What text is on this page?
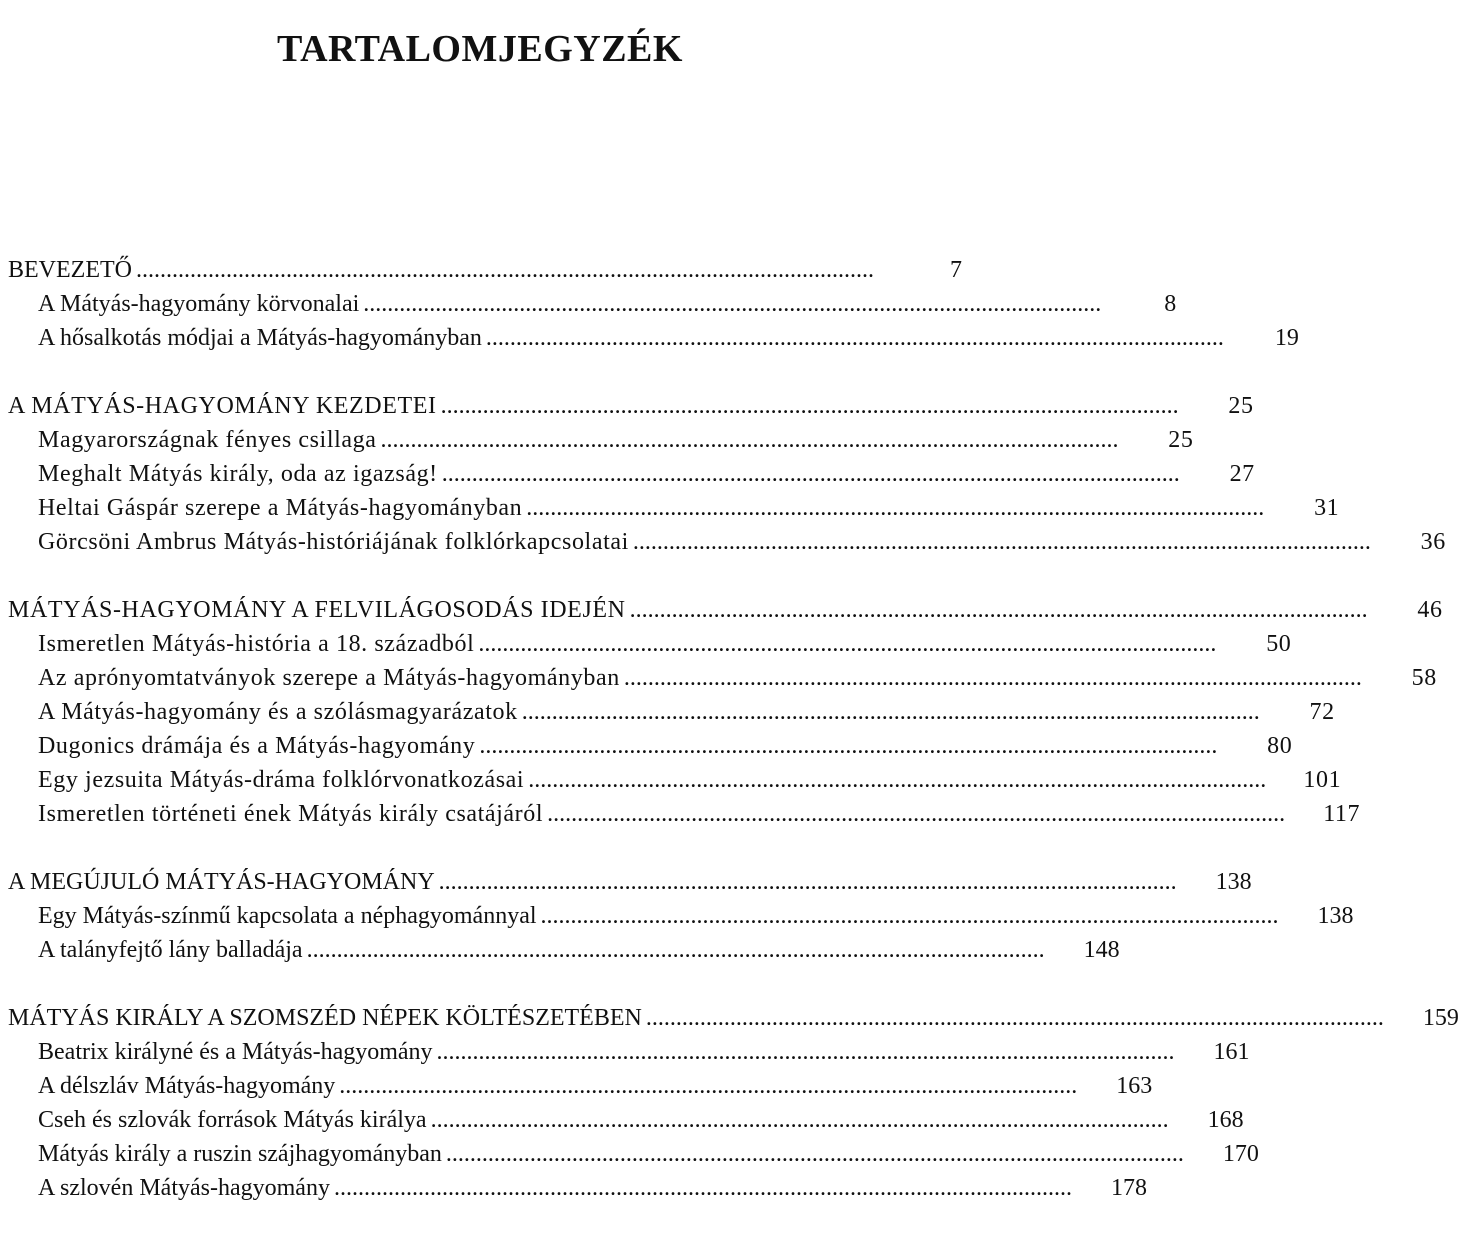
TARTALOMJEGYZÉK
BEVEZETŐ . . .	7
A Mátyás-hagyomány körvonalai . . .	8
A hősalkotás módjai a Mátyás-hagyományban . . .	19
A MÁTYÁS-HAGYOMÁNY KEZDETEI . . .	25
Magyarországnak fényes csillaga . . .	25
Meghalt Mátyás király, oda az igazság! . . .	27
Heltai Gáspár szerepe a Mátyás-hagyományban . . .	31
Görcsöni Ambrus Mátyás-históriájának folklórkapcsolatai . . .	36
MÁTYÁS-HAGYOMÁNY A FELVILÁGOSODÁS IDEJÉN . . .	46
Ismeretlen Mátyás-história a 18. századból . . .	50
Az aprónyomtatványok szerepe a Mátyás-hagyományban . . .	58
A Mátyás-hagyomány és a szólásmagyarázatok . . .	72
Dugonics drámája és a Mátyás-hagyomány . . .	80
Egy jezsuita Mátyás-dráma folklórvonatkozásai . . .	101
Ismeretlen történeti ének Mátyás király csatájáról . . .	117
A MEGÚJULÓ MÁTYÁS-HAGYOMÁNY . . .	138
Egy Mátyás-színmű kapcsolata a néphagyománnyal . . .	138
A talányfejtő lány balladája . . .	148
MÁTYÁS KIRÁLY A SZOMSZÉD NÉPEK KÖLTÉSZETÉBEN . . .	159
Beatrix királyné és a Mátyás-hagyomány . . .	161
A délszláv Mátyás-hagyomány . . .	163
Cseh és szlovák források Mátyás királya . . .	168
Mátyás király a ruszin szájhagyományban . . .	170
A szlovén Mátyás-hagyomány . . .	178
